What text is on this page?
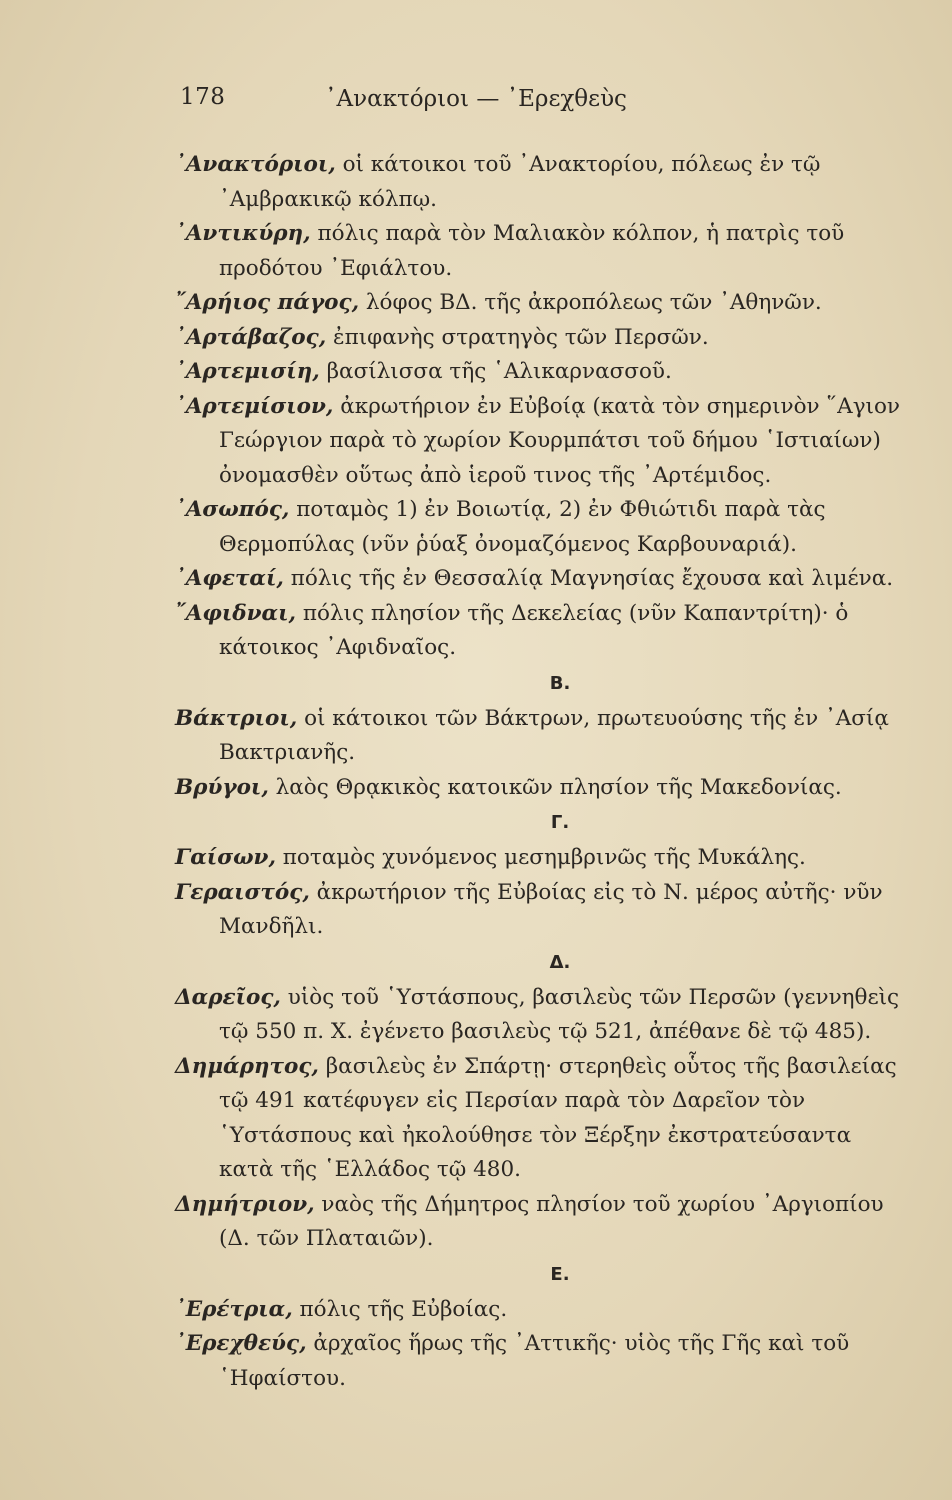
178	᾿Ανακτόριοι — ᾿Ερεχθεὺς
᾿Ανακτόριοι, οἱ κάτοικοι τοῦ ᾿Ανακτορίου, πόλεως ἐν τῷ ᾿Αμβρακικῷ κόλπῳ.
᾿Αντικύρη, πόλις παρὰ τὸν Μαλιακὸν κόλπον, ἡ πατρὶς τοῦ προδότου ᾿Εφιάλτου.
῎Αρήιος πάγος, λόφος ΒΔ. τῆς ἀκροπόλεως τῶν ᾿Αθηνῶν.
᾿Αρτάβαζος, ἐπιφανὴς στρατηγὸς τῶν Περσῶν.
᾿Αρτεμισίη, βασίλισσα τῆς ῾Αλικαρνασσοῦ.
᾿Αρτεμίσιον, ἀκρωτήριον ἐν Εὐβοίᾳ (κατὰ τὸν σημερινὸν ῞Αγιον Γεώργιον παρὰ τὸ χωρίον Κουρμπάτσι τοῦ δήμου ῾Ιστιαίων) ὀνομασθὲν οὕτως ἀπὸ ἱεροῦ τινος τῆς ᾿Αρτέμιδος.
᾿Ασωπός, ποταμὸς 1) ἐν Βοιωτίᾳ, 2) ἐν Φθιώτιδι παρὰ τὰς Θερμοπύλας (νῦν ῥύαξ ὀνομαζόμενος Καρβουναριά).
᾿Αφεταί, πόλις τῆς ἐν Θεσσαλίᾳ Μαγνησίας ἔχουσα καὶ λιμένα.
῎Αφιδναι, πόλις πλησίον τῆς Δεκελείας (νῦν Καπαντρίτη)· ὁ κάτοικος ᾿Αφιδναῖος.
B.
Βάκτριοι, οἱ κάτοικοι τῶν Βάκτρων, πρωτευούσης τῆς ἐν ᾿Ασίᾳ Βακτριανῆς.
Βρύγοι, λαὸς Θρᾳκικὸς κατοικῶν πλησίον τῆς Μακεδονίας.
Γ.
Γαίσων, ποταμὸς χυνόμενος μεσημβρινῶς τῆς Μυκάλης.
Γεραιστός, ἀκρωτήριον τῆς Εὐβοίας εἰς τὸ Ν. μέρος αὐτῆς· νῦν Μανδῆλι.
Δ.
Δαρεῖος, υἱὸς τοῦ ῾Υστάσπους, βασιλεὺς τῶν Περσῶν (γεννηθεὶς τῷ 550 π. Χ. ἐγένετο βασιλεὺς τῷ 521, ἀπέθανε δὲ τῷ 485).
Δημάρητος, βασιλεὺς ἐν Σπάρτῃ· στερηθεὶς οὗτος τῆς βασιλείας τῷ 491 κατέφυγεν εἰς Περσίαν παρὰ τὸν Δαρεῖον τὸν ῾Υστάσπους καὶ ἠκολούθησε τὸν Ξέρξην ἐκστρατεύσαντα κατὰ τῆς ῾Ελλάδος τῷ 480.
Δημήτριον, ναὸς τῆς Δήμητρος πλησίον τοῦ χωρίου ᾿Αργιοπίου (Δ. τῶν Πλαταιῶν).
E.
᾿Ερέτρια, πόλις τῆς Εὐβοίας.
᾿Ερεχθεύς, ἀρχαῖος ἥρως τῆς ᾿Αττικῆς· υἱὸς τῆς Γῆς καὶ τοῦ ῾Ηφαίστου.
